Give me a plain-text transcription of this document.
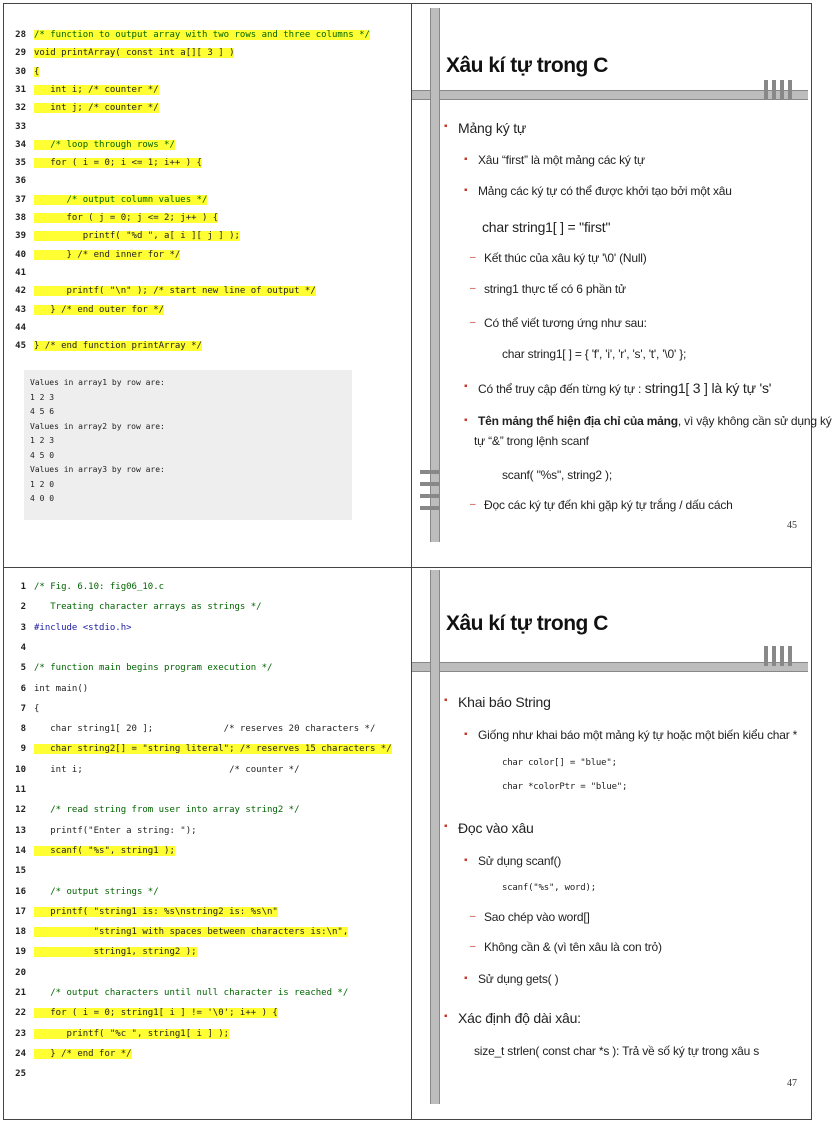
28 /* function to output array with two rows and three columns */
29 void printArray( const int a[][ 3 ] )
30 {
31 int i; /* counter */
32 int j; /* counter */
33
34 /* loop through rows */
35 for ( i = 0; i <= 1; i++ ) {
36
37 /* output column values */
38 for ( j = 0; j <= 2; j++ ) {
39 printf( "%d ", a[ i ][ j ] );
40 } /* end inner for */
41
42 printf( "\n" ); /* start new line of output */
43 } /* end outer for */
44
45 } /* end function printArray */
Values in array1 by row are:
1 2 3
4 5 6
Values in array2 by row are:
1 2 3
4 5 0
Values in array3 by row are:
1 2 0
4 0 0
Xâu kí tự trong C
▪ Mảng ký tự
▪ Xâu “first” là một mảng các ký tự
▪ Mảng các ký tự có thể được khởi tạo bởi một xâu
char string1[ ] = "first"
– Kết thúc của xâu ký tự '\0' (Null)
– string1 thực tế có 6 phần tử
– Có thể viết tương ứng như sau:
char string1[ ] = { 'f', 'i', 'r', 's', 't', '\0' };
▪ Có thể truy cập đến từng ký tự : string1[ 3 ] là ký tự 's'
▪ Tên mảng thể hiện địa chỉ của mảng, vì vậy không cần sử dụng ký
tự “&” trong lệnh scanf
scanf( "%s", string2 );
– Đọc các ký tự đến khi gặp ký tự trắng / dấu cách
45
1 /* Fig. 6.10: fig06_10.c
2 Treating character arrays as strings */
3 #include <stdio.h>
4
5 /* function main begins program execution */
6 int main()
7 {
8 char string1[ 20 ];             /* reserves 20 characters */
9 char string2[] = "string literal"; /* reserves 15 characters */
10 int i;                           /* counter */
11
12 /* read string from user into array string2 */
13 printf("Enter a string: ");
14 scanf( "%s", string1 );
15
16 /* output strings */
17 printf( "string1 is: %s\nstring2 is: %s\n"
18 "string1 with spaces between characters is:\n",
19 string1, string2 );
20
21 /* output characters until null character is reached */
22 for ( i = 0; string1[ i ] != '\0'; i++ ) {
23 printf( "%c ", string1[ i ] );
24 } /* end for */
25
Xâu kí tự trong C
▪ Khai báo String
▪ Giống như khai báo một mảng ký tự hoặc một biến kiểu char *
char color[] = "blue";
char *colorPtr = "blue";
▪ Đọc vào xâu
▪ Sử dụng scanf()
scanf("%s", word);
– Sao chép vào word[]
– Không cần & (vì tên xâu là con trỏ)
▪ Sử dụng gets( )
▪ Xác định độ dài xâu:
size_t strlen( const char *s ): Trả về số ký tự trong xâu s
47
